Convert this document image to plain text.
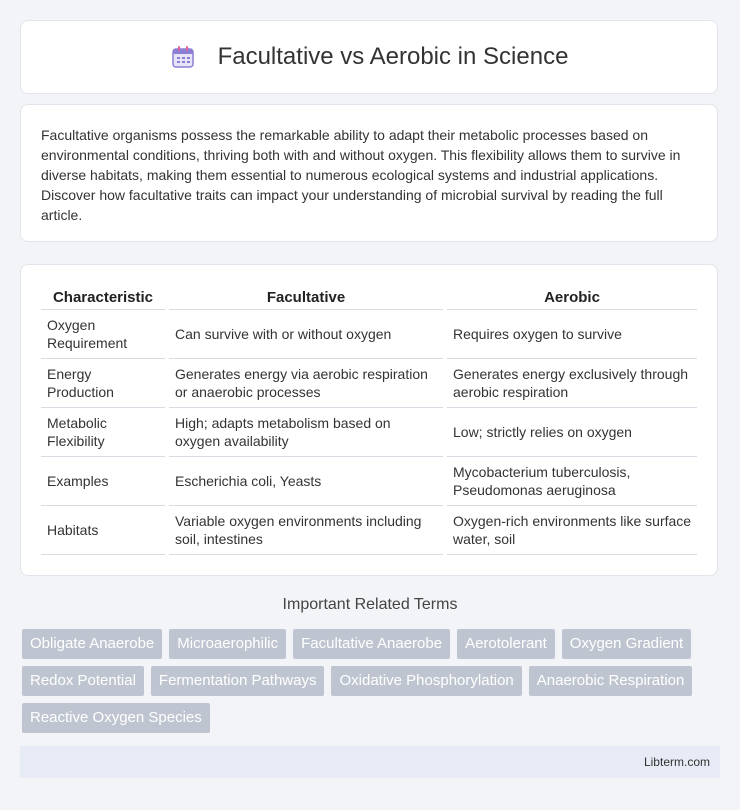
Facultative vs Aerobic in Science

Facultative organisms possess the remarkable ability to adapt their metabolic processes based on environmental conditions, thriving both with and without oxygen. This flexibility allows them to survive in diverse habitats, making them essential to numerous ecological systems and industrial applications. Discover how facultative traits can impact your understanding of microbial survival by reading the full article.

Characteristic	Facultative	Aerobic
Oxygen Requirement	Can survive with or without oxygen	Requires oxygen to survive
Energy Production	Generates energy via aerobic respiration or anaerobic processes	Generates energy exclusively through aerobic respiration
Metabolic Flexibility	High; adapts metabolism based on oxygen availability	Low; strictly relies on oxygen
Examples	Escherichia coli, Yeasts	Mycobacterium tuberculosis, Pseudomonas aeruginosa
Habitats	Variable oxygen environments including soil, intestines	Oxygen-rich environments like surface water, soil
Important Related Terms
Obligate Anaerobe	Microaerophilic	Facultative Anaerobe	Aerotolerant	Oxygen Gradient
Redox Potential	Fermentation Pathways	Oxidative Phosphorylation	Anaerobic Respiration
Reactive Oxygen Species
Libterm.com
